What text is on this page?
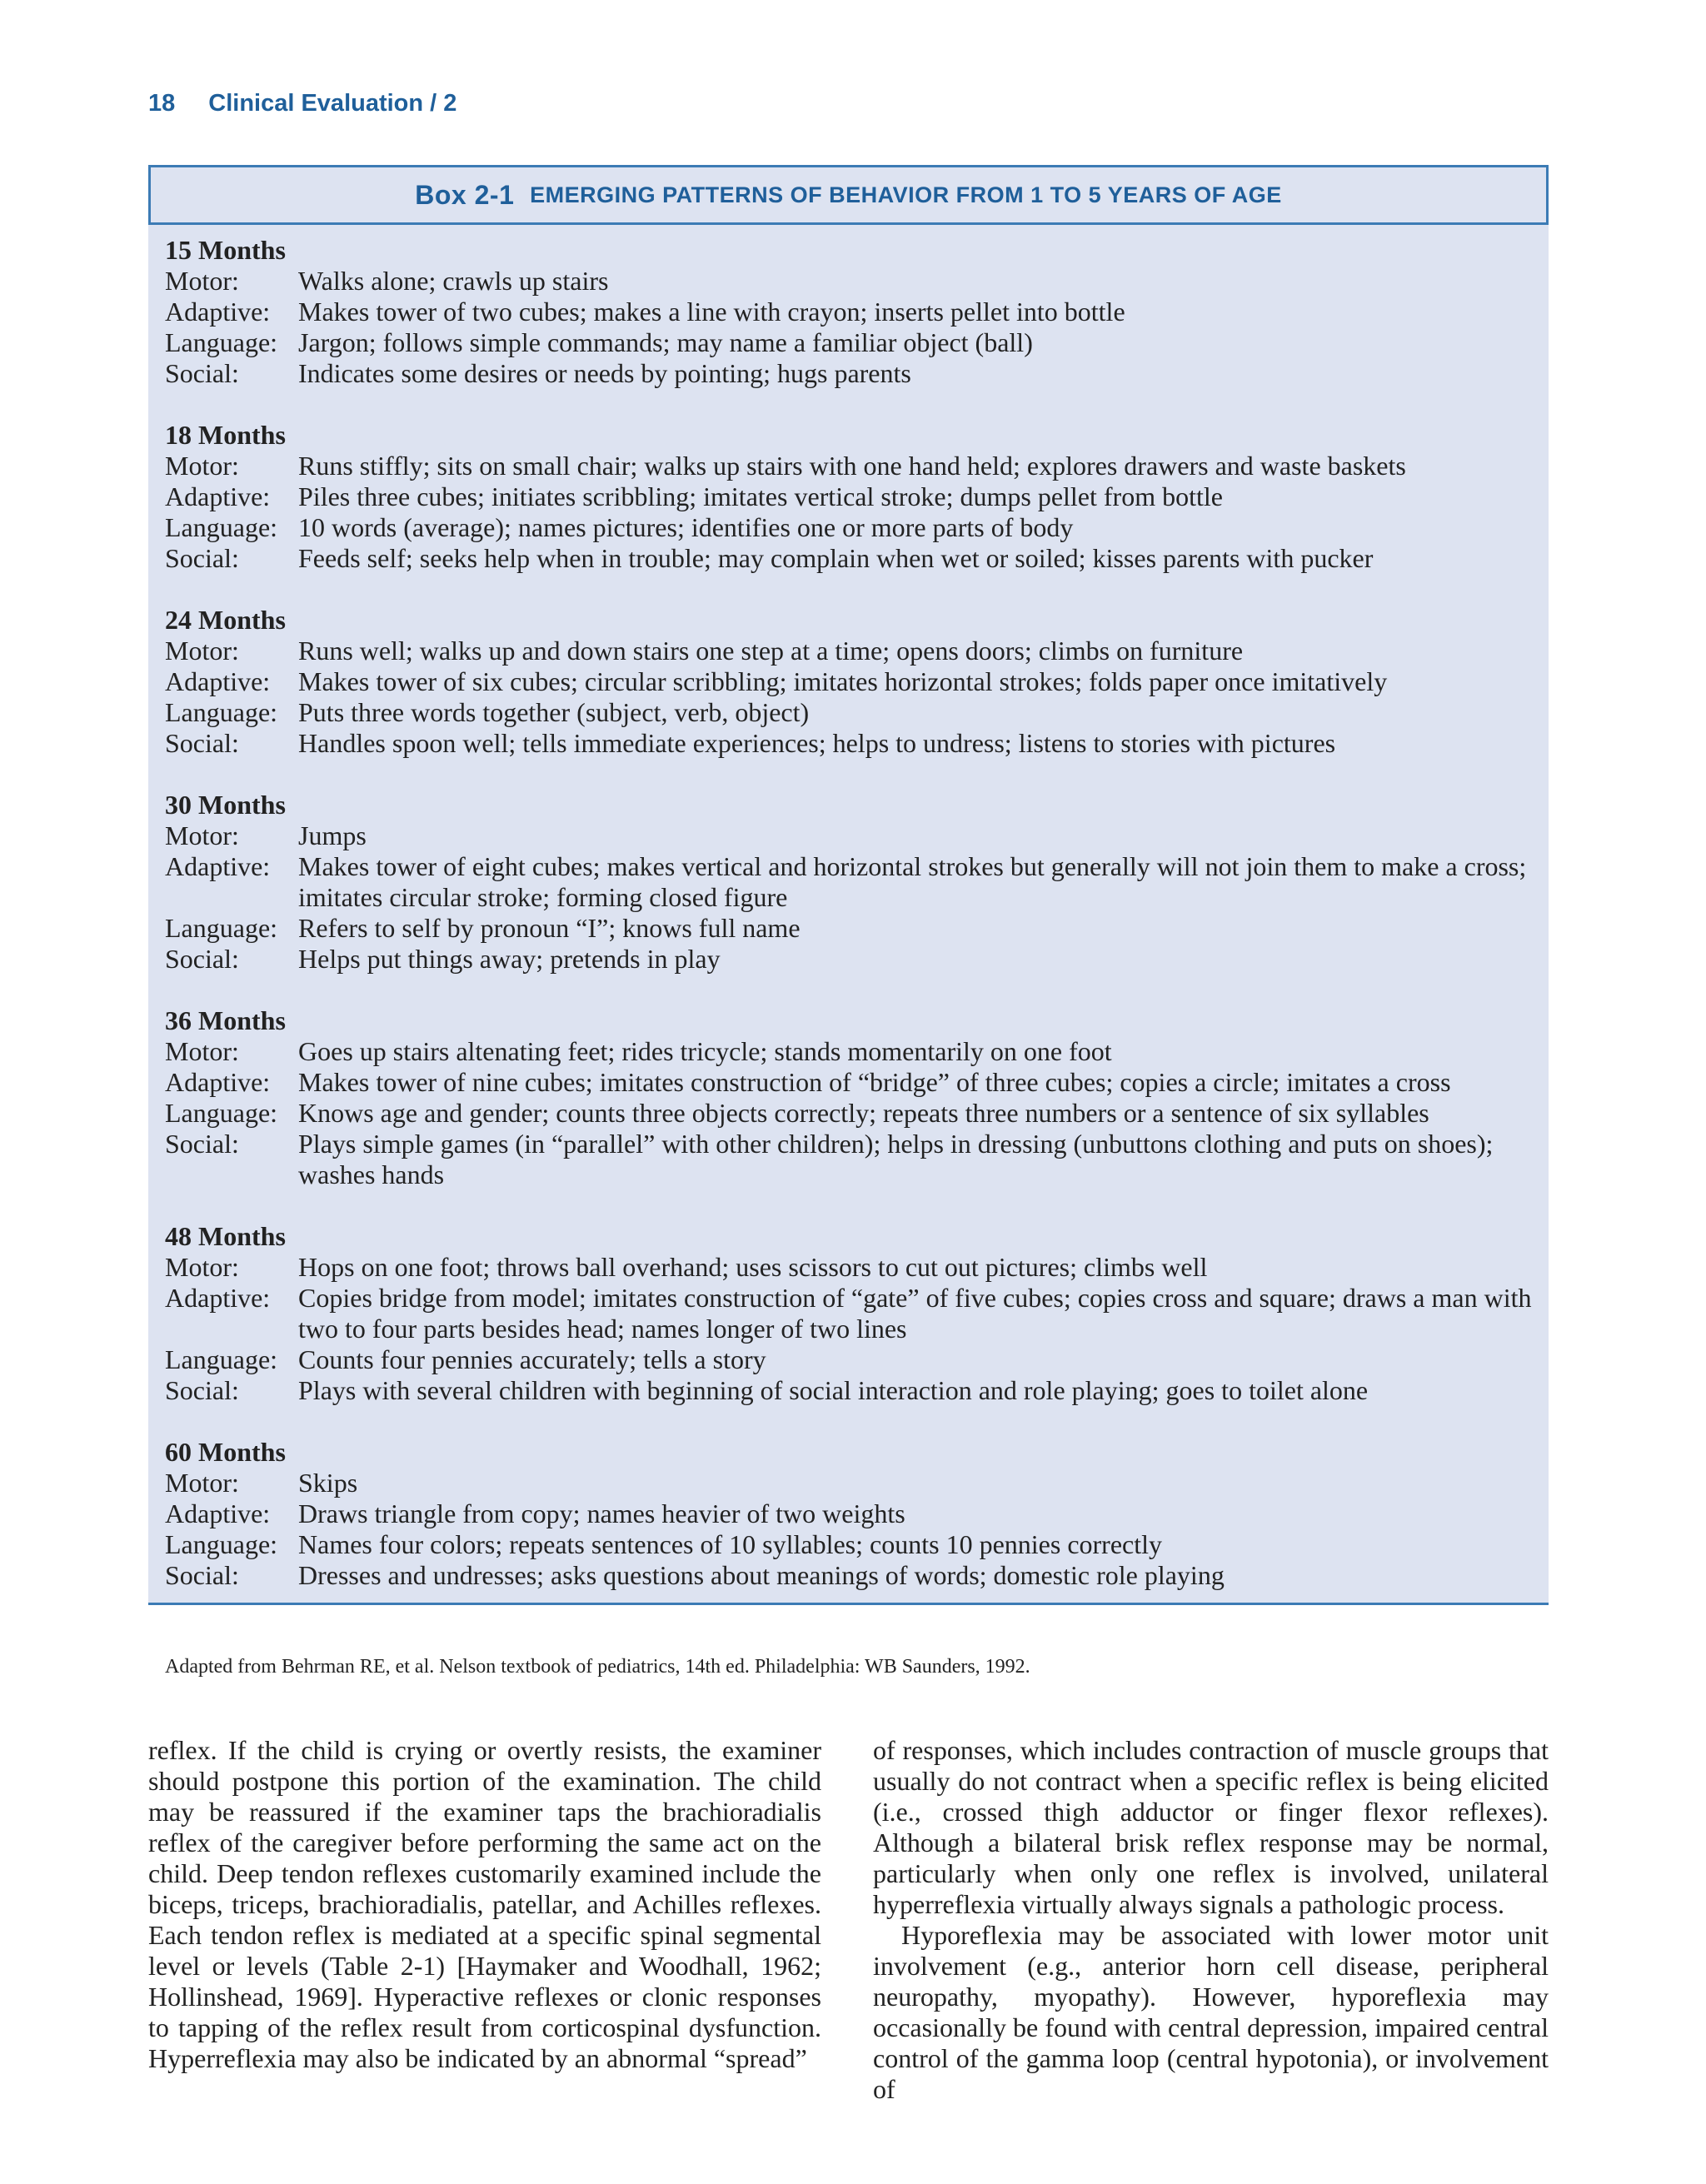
18 Clinical Evaluation / 2
Box 2-1
EMERGING PATTERNS OF BEHAVIOR FROM 1 TO 5 YEARS OF AGE
15 Months
Motor:	Walks alone; crawls up stairs
Adaptive:	Makes tower of two cubes; makes a line with crayon; inserts pellet into bottle
Language: Jargon; follows simple commands; may name a familiar object (ball)
Social:	Indicates some desires or needs by pointing; hugs parents
18 Months
Motor:	Runs stiffly; sits on small chair; walks up stairs with one hand held; explores drawers and waste baskets
Adaptive:	Piles three cubes; initiates scribbling; imitates vertical stroke; dumps pellet from bottle
Language: 10 words (average); names pictures; identifies one or more parts of body
Social:	Feeds self; seeks help when in trouble; may complain when wet or soiled; kisses parents with pucker
24 Months
Motor:	Runs well; walks up and down stairs one step at a time; opens doors; climbs on furniture
Adaptive:	Makes tower of six cubes; circular scribbling; imitates horizontal strokes; folds paper once imitatively
Language: Puts three words together (subject, verb, object)
Social:	Handles spoon well; tells immediate experiences; helps to undress; listens to stories with pictures
30 Months
Motor:	Jumps
Adaptive:	Makes tower of eight cubes; makes vertical and horizontal strokes but generally will not join them to make a cross; imitates circular stroke; forming closed figure
Language: Refers to self by pronoun “I”; knows full name
Social:	Helps put things away; pretends in play
36 Months
Motor:	Goes up stairs altenating feet; rides tricycle; stands momentarily on one foot
Adaptive:	Makes tower of nine cubes; imitates construction of “bridge” of three cubes; copies a circle; imitates a cross
Language: Knows age and gender; counts three objects correctly; repeats three numbers or a sentence of six syllables
Social:	Plays simple games (in “parallel” with other children); helps in dressing (unbuttons clothing and puts on shoes); washes hands
48 Months
Motor:	Hops on one foot; throws ball overhand; uses scissors to cut out pictures; climbs well
Adaptive:	Copies bridge from model; imitates construction of “gate” of five cubes; copies cross and square; draws a man with two to four parts besides head; names longer of two lines
Language: Counts four pennies accurately; tells a story
Social:	Plays with several children with beginning of social interaction and role playing; goes to toilet alone
60 Months
Motor:	Skips
Adaptive:	Draws triangle from copy; names heavier of two weights
Language: Names four colors; repeats sentences of 10 syllables; counts 10 pennies correctly
Social:	Dresses and undresses; asks questions about meanings of words; domestic role playing
Adapted from Behrman RE, et al. Nelson textbook of pediatrics, 14th ed. Philadelphia: WB Saunders, 1992.

reflex. If the child is crying or overtly resists, the examiner should postpone this portion of the examination. The child may be reassured if the examiner taps the brachioradialis reflex of the caregiver before performing the same act on the child. Deep tendon reflexes customarily examined include the biceps, triceps, brachioradialis, patellar, and Achilles reflexes. Each tendon reflex is mediated at a specific spinal segmental level or levels (Table 2-1) [Haymaker and Woodhall, 1962; Hollinshead, 1969]. Hyperactive reflexes or clonic responses to tapping of the reflex result from corticospinal dysfunction. Hyperreflexia may also be indicated by an abnormal “spread”

of responses, which includes contraction of muscle groups that usually do not contract when a specific reflex is being elicited (i.e., crossed thigh adductor or finger flexor reflexes). Although a bilateral brisk reflex response may be normal, particularly when only one reflex is involved, unilateral hyperreflexia virtually always signals a pathologic process.

Hyporeflexia may be associated with lower motor unit involvement (e.g., anterior horn cell disease, peripheral neuropathy, myopathy). However, hyporeflexia may occasionally be found with central depression, impaired central control of the gamma loop (central hypotonia), or involvement of
